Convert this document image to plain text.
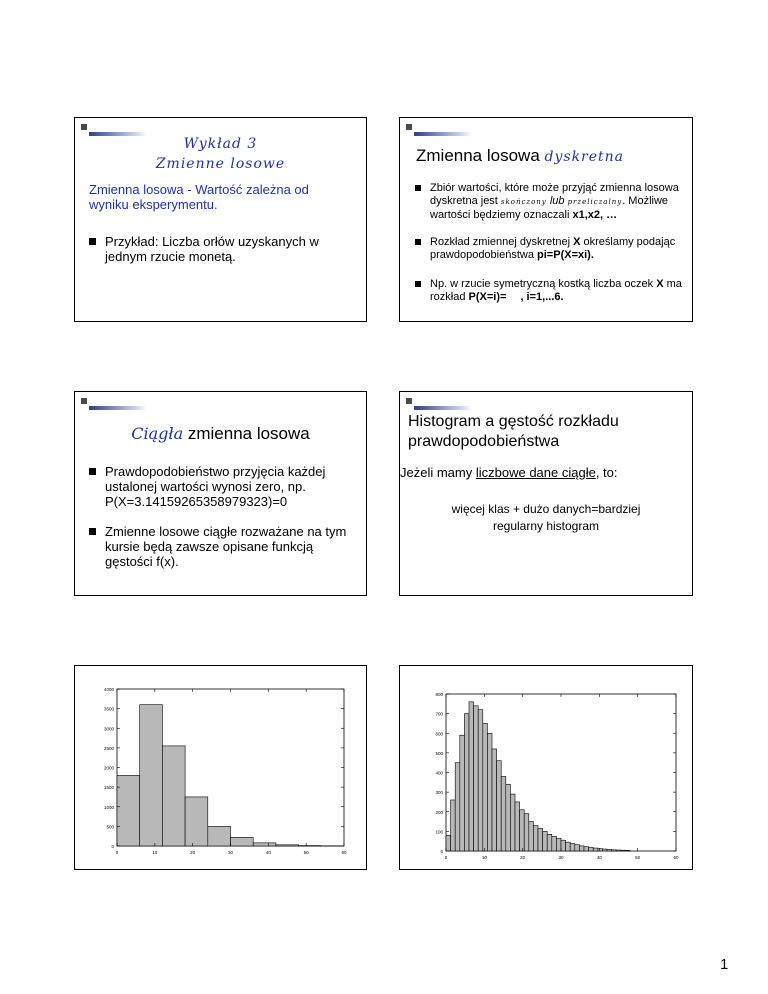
Wykład 3
Zmienne losowe
Zmienna losowa - Wartość zależna od wyniku eksperymentu.
Przykład: Liczba orłów uzyskanych w jednym rzucie monetą.
Zmienna losowa dyskretna
Zbiór wartości, które może przyjąć zmienna losowa dyskretna jest skończony lub przeliczalny. Możliwe wartości będziemy oznaczali x1,x2, …
Rozkład zmiennej dyskretnej X określamy podając prawdopodobieństwa pi=P(X=xi).
Np. w rzucie symetryczną kostką liczba oczek X ma rozkład P(X=i)= , i=1,...6.
Ciągła zmienna losowa
Prawdopodobieństwo przyjęcia każdej ustalonej wartości wynosi zero, np. P(X=3.14159265358979323)=0
Zmienne losowe ciągłe rozważane na tym kursie będą zawsze opisane funkcją gęstości f(x).
Histogram a gęstość rozkładu prawdopodobieństwa
Jeżeli mamy liczbowe dane ciągłe, to:
więcej klas + dużo danych=bardziej
regularny histogram
0
500
1000
1500
2000
2500
3000
3500
4000
0	10	20	30	40	50	60	0
100
200
300
400
500
600
700
800
0	10	20	30	40	50	60
1
